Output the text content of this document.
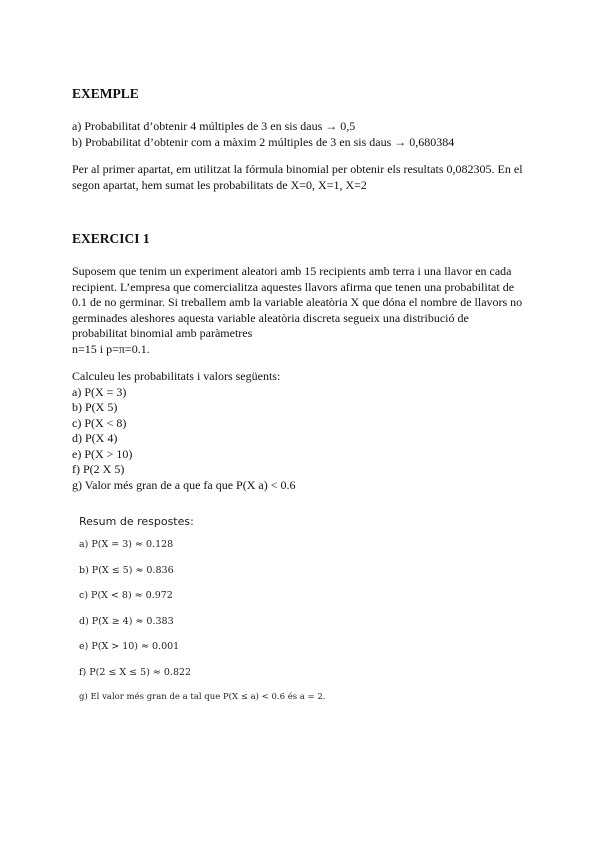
EXEMPLE

a) Probabilitat d’obtenir 4 múltiples de 3 en sis daus → 0,5

b) Probabilitat d’obtenir com a màxim 2 múltiples de 3 en sis daus → 0,680384

Per al primer apartat, em utilitzat la fórmula binomial per obtenir els resultats 0,082305. En el

segon apartat, hem sumat les probabilitats de X=0, X=1, X=2

EXERCICI 1

Suposem que tenim un experiment aleatori amb 15 recipients amb terra i una llavor en cada

recipient. L’empresa que comercialitza aquestes llavors afirma que tenen una probabilitat de

0.1 de no germinar. Si treballem amb la variable aleatòria X que dóna el nombre de llavors no

germinades aleshores aquesta variable aleatòria discreta segueix una distribució de

probabilitat binomial amb paràmetres

n=15 i p=π=0.1.

Calculeu les probabilitats i valors següents:

a) P(X = 3)

b) P(X 5)

c) P(X < 8)

d) P(X 4)

e) P(X > 10)

f) P(2 X 5)

g) Valor més gran de a que fa que P(X a) < 0.6

Resum de respostes:

a) P(X = 3) ≈ 0.128

b) P(X ≤ 5) ≈ 0.836

c) P(X < 8) ≈ 0.972

d) P(X ≥ 4) ≈ 0.383

e) P(X > 10) ≈ 0.001

f) P(2 ≤ X ≤ 5) ≈ 0.822

g) El valor més gran de a tal que P(X ≤ a) < 0.6 és a = 2.
